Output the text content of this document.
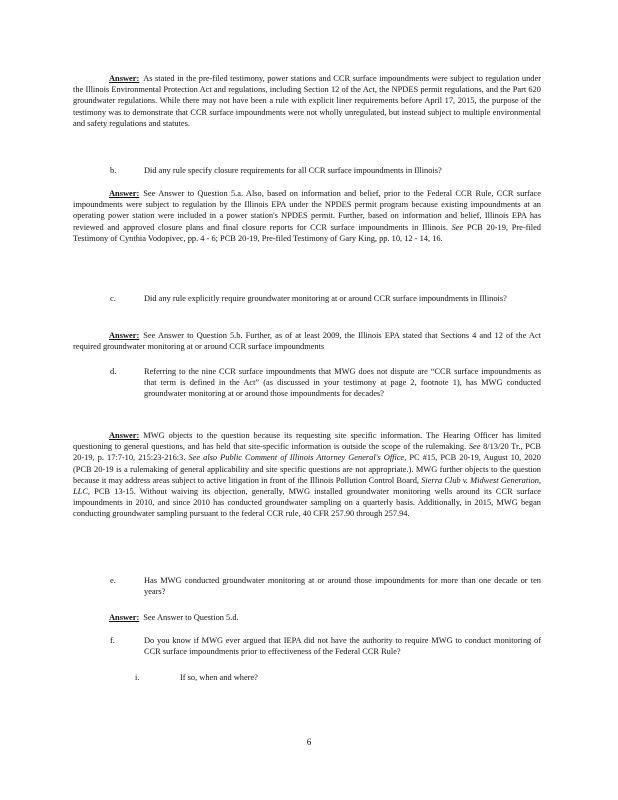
Answer: As stated in the pre-filed testimony, power stations and CCR surface impoundments were subject to regulation under the Illinois Environmental Protection Act and regulations, including Section 12 of the Act, the NPDES permit regulations, and the Part 620 groundwater regulations. While there may not have been a rule with explicit liner requirements before April 17, 2015, the purpose of the testimony was to demonstrate that CCR surface impoundments were not wholly unregulated, but instead subject to multiple environmental and safety regulations and statutes.

b.	Did any rule specify closure requirements for all CCR surface impoundments in Illinois?

Answer: See Answer to Question 5.a. Also, based on information and belief, prior to the Federal CCR Rule, CCR surface impoundments were subject to regulation by the Illinois EPA under the NPDES permit program because existing impoundments at an operating power station were included in a power station's NPDES permit. Further, based on information and belief, Illinois EPA has reviewed and approved closure plans and final closure reports for CCR surface impoundments in Illinois. See PCB 20-19, Pre-filed Testimony of Cynthia Vodopivec, pp. 4 - 6; PCB 20-19, Pre-filed Testimony of Gary King, pp. 10, 12 - 14, 16.

c.	Did any rule explicitly require groundwater monitoring at or around CCR surface impoundments in Illinois?

Answer: See Answer to Question 5.b. Further, as of at least 2009, the Illinois EPA stated that Sections 4 and 12 of the Act required groundwater monitoring at or around CCR surface impoundments

d.	Referring to the nine CCR surface impoundments that MWG does not dispute are “CCR surface impoundments as that term is defined in the Act” (as discussed in your testimony at page 2, footnote 1), has MWG conducted groundwater monitoring at or around those impoundments for decades?

Answer: MWG objects to the question because its requesting site specific information. The Hearing Officer has limited questioning to general questions, and has held that site-specific information is outside the scope of the rulemaking. See 8/13/20 Tr., PCB 20-19, p. 17:7-10, 215:23-216:3. See also Public Comment of Illinois Attorney General's Office, PC #15, PCB 20-19, August 10, 2020 (PCB 20-19 is a rulemaking of general applicability and site specific questions are not appropriate.). MWG further objects to the question because it may address areas subject to active litigation in front of the Illinois Pollution Control Board, Sierra Club v. Midwest Generation, LLC, PCB 13-15. Without waiving its objection, generally, MWG installed groundwater monitoring wells around its CCR surface impoundments in 2010, and since 2010 has conducted groundwater sampling on a quarterly basis. Additionally, in 2015, MWG began conducting groundwater sampling pursuant to the federal CCR rule, 40 CFR 257.90 through 257.94.

e.	Has MWG conducted groundwater monitoring at or around those impoundments for more than one decade or ten years?

Answer: See Answer to Question 5.d.

f.	Do you know if MWG ever argued that IEPA did not have the authority to require MWG to conduct monitoring of CCR surface impoundments prior to effectiveness of the Federal CCR Rule?
i.	If so, when and where?
6
